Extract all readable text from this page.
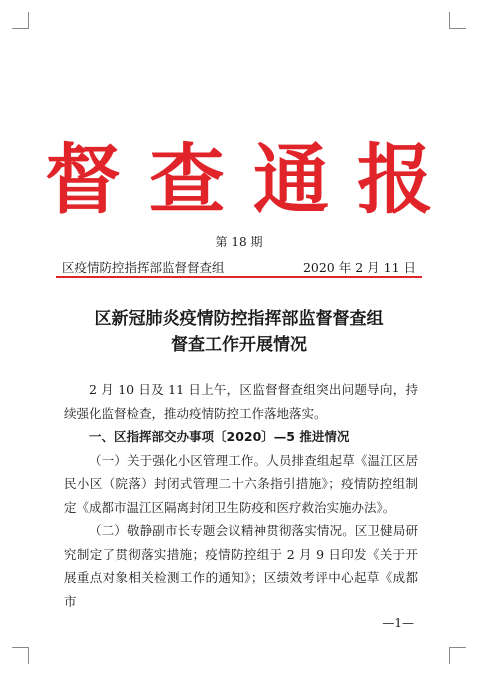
督查通报
第 18 期
区疫情防控指挥部监督督查组	2020 年 2 月 11 日
区新冠肺炎疫情防控指挥部监督督查组
督查工作开展情况

2 月 10 日及 11 日上午，区监督督查组突出问题导向，持续强化监督检查，推动疫情防控工作落地落实。

一、区指挥部交办事项〔2020〕—5 推进情况

（一）关于强化小区管理工作。人员排查组起草《温江区居民小区（院落）封闭式管理二十六条指引措施》；疫情防控组制定《成都市温江区隔离封闭卫生防疫和医疗救治实施办法》。

（二）敬静副市长专题会议精神贯彻落实情况。区卫健局研究制定了贯彻落实措施；疫情防控组于 2 月 9 日印发《关于开展重点对象相关检测工作的通知》；区绩效考评中心起草《成都市

—1—
